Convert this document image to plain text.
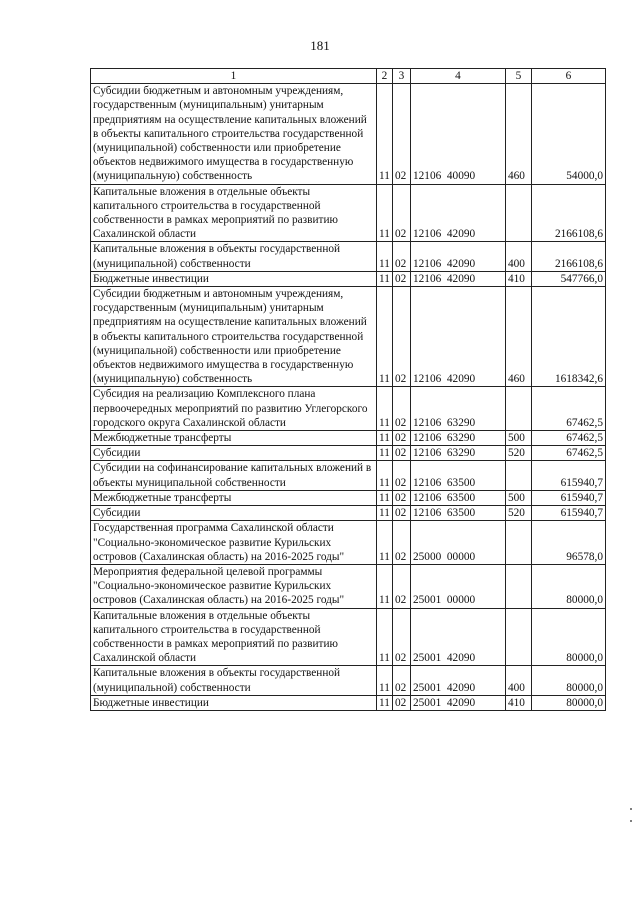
181
1	2	3	4	5	6
Субсидии бюджетным и автономным учреждениям, государственным (муниципальным) унитарным предприятиям на осуществление капитальных вложений в объекты капитального строительства государственной (муниципальной) собственности или приобретение объектов недвижимого имущества в государственную (муниципальную) собственность	11	02	12106  40090	460	54000,0
Капитальные вложения в отдельные объекты капитального строительства в государственной собственности в рамках мероприятий по развитию Сахалинской области	11	02	12106  42090		2166108,6
Капитальные вложения в объекты государственной (муниципальной) собственности	11	02	12106  42090	400	2166108,6
Бюджетные инвестиции	11	02	12106  42090	410	547766,0
Субсидии бюджетным и автономным учреждениям, государственным (муниципальным) унитарным предприятиям на осуществление капитальных вложений в объекты капитального строительства государственной (муниципальной) собственности или приобретение объектов недвижимого имущества в государственную (муниципальную) собственность	11	02	12106  42090	460	1618342,6
Субсидия на реализацию Комплексного плана первоочередных мероприятий по развитию Углегорского городского округа Сахалинской области	11	02	12106  63290		67462,5
Межбюджетные трансферты	11	02	12106  63290	500	67462,5
Субсидии	11	02	12106  63290	520	67462,5
Субсидии на софинансирование капитальных вложений в объекты муниципальной собственности	11	02	12106  63500		615940,7
Межбюджетные трансферты	11	02	12106  63500	500	615940,7
Субсидии	11	02	12106  63500	520	615940,7
Государственная программа Сахалинской области "Социально-экономическое развитие Курильских островов (Сахалинская область) на 2016-2025 годы"	11	02	25000  00000		96578,0
Мероприятия федеральной целевой программы "Социально-экономическое развитие Курильских островов (Сахалинская область) на 2016-2025 годы"	11	02	25001  00000		80000,0
Капитальные вложения в отдельные объекты капитального строительства в государственной собственности в рамках мероприятий по развитию Сахалинской области	11	02	25001  42090		80000,0
Капитальные вложения в объекты государственной (муниципальной) собственности	11	02	25001  42090	400	80000,0
Бюджетные инвестиции	11	02	25001  42090	410	80000,0
